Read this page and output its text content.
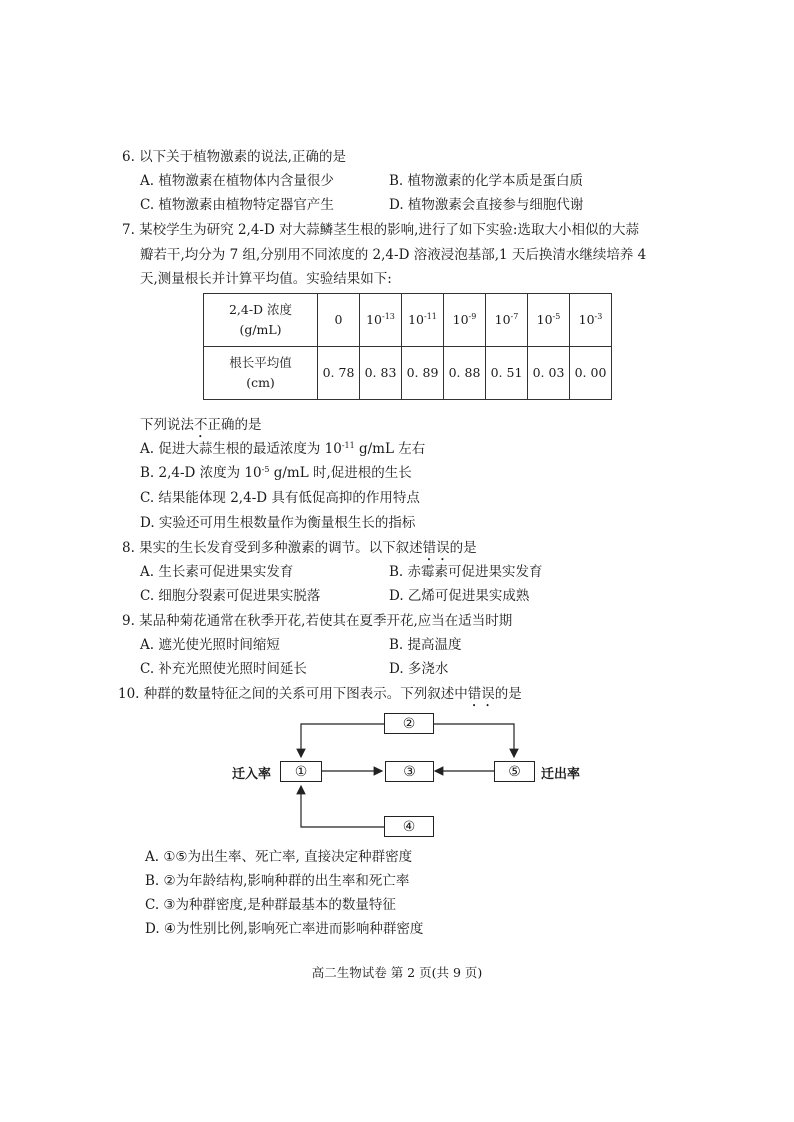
6. 以下关于植物激素的说法,正确的是
A. 植物激素在植物体内含量很少	B. 植物激素的化学本质是蛋白质
C. 植物激素由植物特定器官产生	D. 植物激素会直接参与细胞代谢
7. 某校学生为研究 2,4-D 对大蒜鳞茎生根的影响,进行了如下实验:选取大小相似的大蒜
瓣若干,均分为 7 组,分别用不同浓度的 2,4-D 溶液浸泡基部,1 天后换清水继续培养 4
天,测量根长并计算平均值。实验结果如下:
2,4-D 浓度
(g/mL)	0	$10^{-13}$	$10^{-11}$	$10^{-9}$	$10^{-7}$	$10^{-5}$	$10^{-3}$
根长平均值
(cm)	0. 78	0. 83	0. 89	0. 88	0. 51	0. 03	0. 00
下列说法不正确的是
A. 促进大蒜生根的最适浓度为 $10^{-11}$ g/mL 左右
B. 2,4-D 浓度为 $10^{-5}$ g/mL 时,促进根的生长
C. 结果能体现 2,4-D 具有低促高抑的作用特点
D. 实验还可用生根数量作为衡量根生长的指标
8. 果实的生长发育受到多种激素的调节。以下叙述错误的是
A. 生长素可促进果实发育	B. 赤霉素可促进果实发育
C. 细胞分裂素可促进果实脱落	D. 乙烯可促进果实成熟
9. 某品种菊花通常在秋季开花,若使其在夏季开花,应当在适当时期
A. 遮光使光照时间缩短	B. 提高温度
C. 补充光照使光照时间延长	D. 多浇水
10. 种群的数量特征之间的关系可用下图表示。下列叙述中错误的是
迁入率	①
②
③
④
⑤	迁出率
A. ①⑤为出生率、死亡率, 直接决定种群密度
B. ②为年龄结构,影响种群的出生率和死亡率
C. ③为种群密度,是种群最基本的数量特征
D. ④为性别比例,影响死亡率进而影响种群密度
高二生物试卷 第 2 页(共 9 页)
